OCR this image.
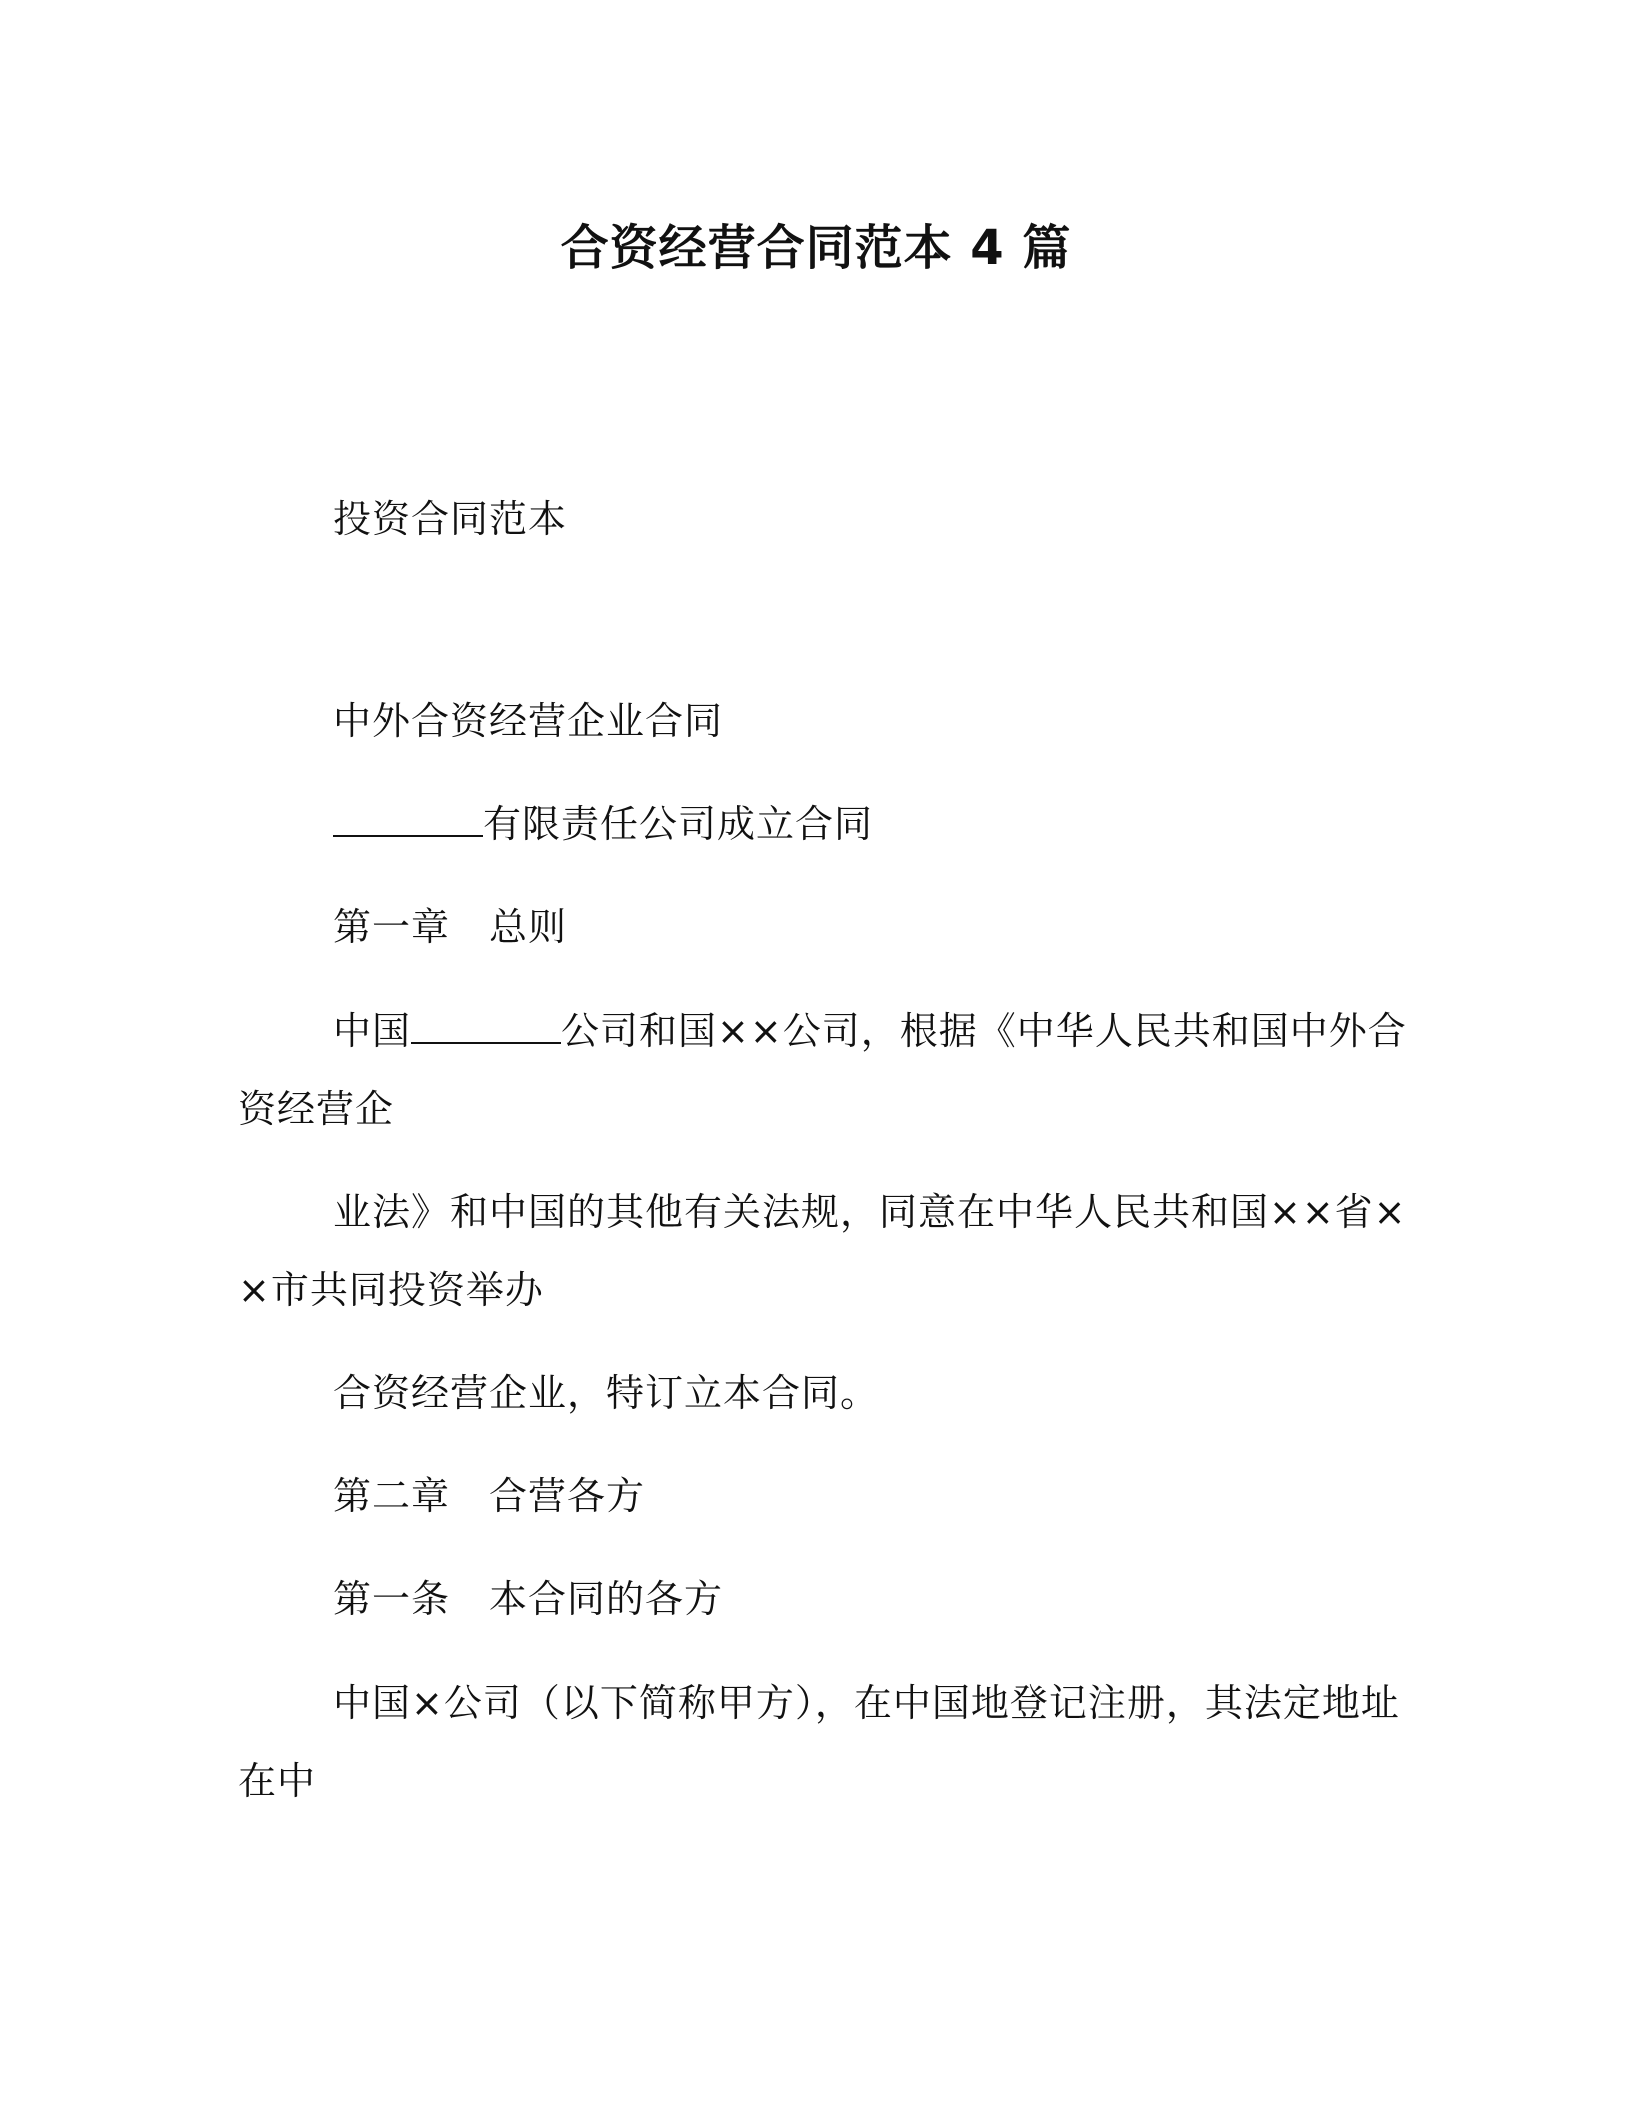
合资经营合同范本 4 篇
投资合同范本
中外合资经营企业合同
有限责任公司成立合同
第一章　总则
中国	公司和国××公司，根据《中华人民共和国中外合
资经营企
业法》和中国的其他有关法规，同意在中华人民共和国××省×
×市共同投资举办
合资经营企业，特订立本合同。
第二章　合营各方
第一条　本合同的各方
中国×公司（以下简称甲方），在中国地登记注册，其法定地址
在中
